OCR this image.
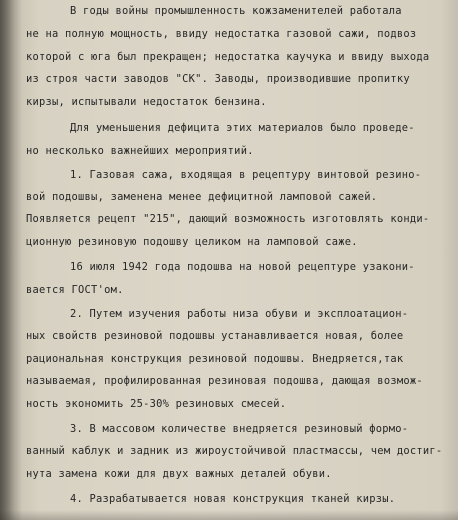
В годы войны промышленность кожзаменителей работала
не на полную мощность, ввиду недостатка газовой сажи, подвоз
которой с юга был прекращен; недостатка каучука и ввиду выхода
из строя части заводов "СК". Заводы, производившие пропитку
кирзы, испытывали недостаток бензина.
Для уменьшения дефицита этих материалов было проведе-
но несколько важнейших мероприятий.
1. Газовая сажа, входящая в рецептуру винтовой резино-
вой подошвы, заменена менее дефицитной ламповой сажей.
Появляется рецепт "215", дающий возможность изготовлять конди-
ционную резиновую подошву целиком на ламповой саже.
16 июля 1942 года подошва на новой рецептуре узакони-
вается ГОСТ'ом.
2. Путем изучения работы низа обуви и эксплоатацион-
ных свойств резиновой подошвы устанавливается новая, более
рациональная конструкция резиновой подошвы. Внедряется,так
называемая, профилированная резиновая подошва, дающая возмож-
ность экономить 25-30% резиновых смесей.
3. В массовом количестве внедряется резиновый формо-
ванный каблук и задник из жироустойчивой пластмассы, чем достиг-
нута замена кожи для двух важных деталей обуви.
4. Разрабатывается новая конструкция тканей кирзы.
